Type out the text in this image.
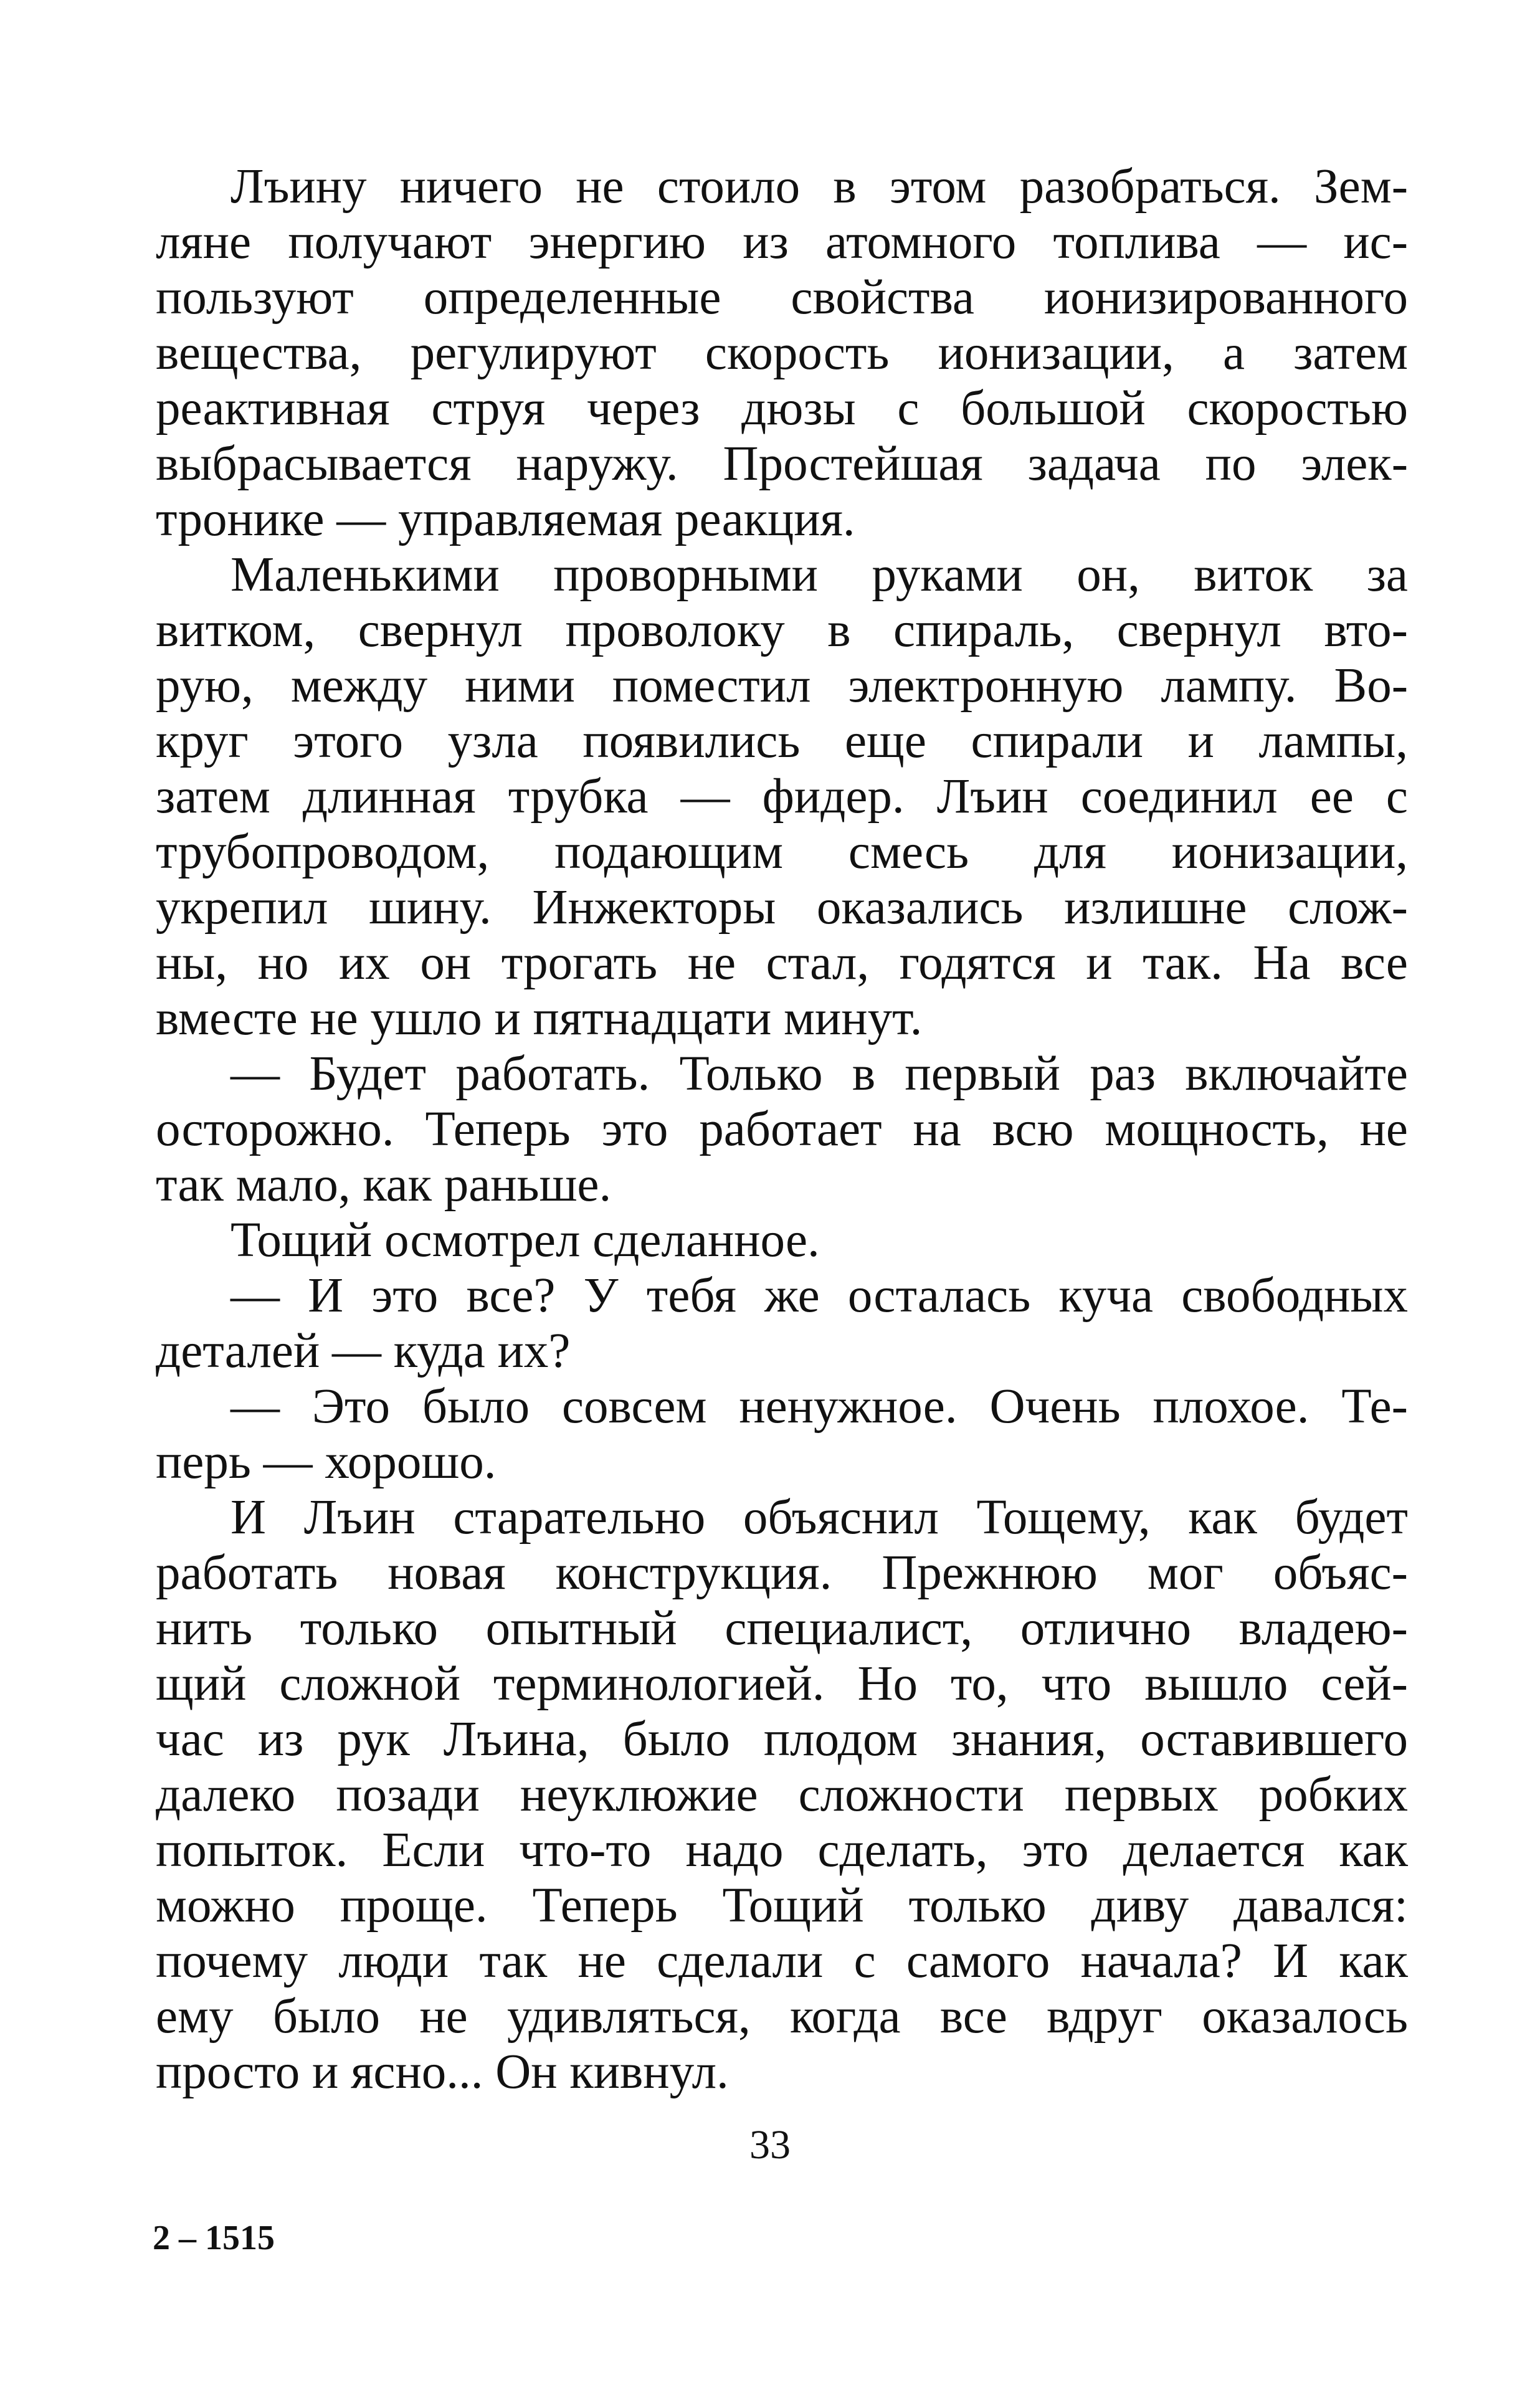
Лъину ничего не стоило в этом разобраться. Зем-
ляне получают энергию из атомного топлива — ис-
пользуют определенные свойства ионизированного
вещества, регулируют скорость ионизации, а затем
реактивная струя через дюзы с большой скоростью
выбрасывается наружу. Простейшая задача по элек-
тронике — управляемая реакция.
Маленькими проворными руками он, виток за
витком, свернул проволоку в спираль, свернул вто-
рую, между ними поместил электронную лампу. Во-
круг этого узла появились еще спирали и лампы,
затем длинная трубка — фидер. Лъин соединил ее с
трубопроводом, подающим смесь для ионизации,
укрепил шину. Инжекторы оказались излишне слож-
ны, но их он трогать не стал, годятся и так. На все
вместе не ушло и пятнадцати минут.
— Будет работать. Только в первый раз включайте
осторожно. Теперь это работает на всю мощность, не
так мало, как раньше.
Тощий осмотрел сделанное.
— И это все? У тебя же осталась куча свободных
деталей — куда их?
— Это было совсем ненужное. Очень плохое. Те-
перь — хорошо.
И Лъин старательно объяснил Тощему, как будет
работать новая конструкция. Прежнюю мог объяс-
нить только опытный специалист, отлично владею-
щий сложной терминологией. Но то, что вышло сей-
час из рук Лъина, было плодом знания, оставившего
далеко позади неуклюжие сложности первых робких
попыток. Если что-то надо сделать, это делается как
можно проще. Теперь Тощий только диву давался:
почему люди так не сделали с самого начала? И как
ему было не удивляться, когда все вдруг оказалось
просто и ясно... Он кивнул.
33
2 – 1515
